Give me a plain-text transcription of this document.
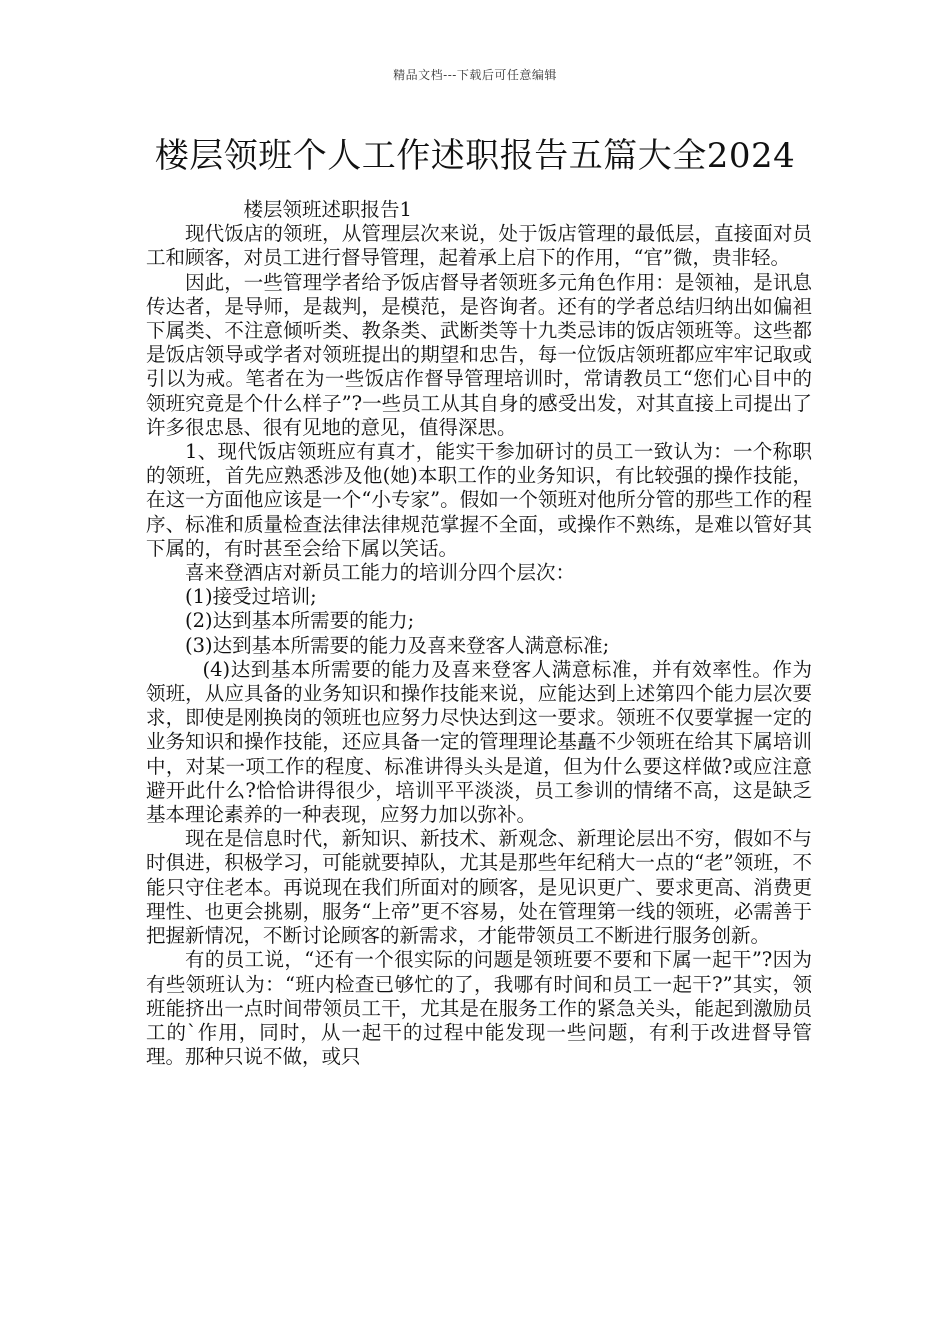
精品文档---下载后可任意编辑
楼层领班个人工作述职报告五篇大全2024

楼层领班述职报告1

现代饭店的领班，从管理层次来说，处于饭店管理的最低层，直接面对员工和顾客，对员工进行督导管理，起着承上启下的作用，“官”微，贵非轻。

因此，一些管理学者给予饭店督导者领班多元角色作用：是领袖，是讯息传达者，是导师，是裁判，是模范，是咨询者。还有的学者总结归纳出如偏袒下属类、不注意倾听类、教条类、武断类等十九类忌讳的饭店领班等。这些都是饭店领导或学者对领班提出的期望和忠告，每一位饭店领班都应牢牢记取或引以为戒。笔者在为一些饭店作督导管理培训时，常请教员工“您们心目中的领班究竟是个什么样子”?一些员工从其自身的感受出发，对其直接上司提出了许多很忠恳、很有见地的意见，值得深思。

1、现代饭店领班应有真才，能实干参加研讨的员工一致认为：一个称职的领班，首先应熟悉涉及他(她)本职工作的业务知识，有比较强的操作技能，在这一方面他应该是一个“小专家”。假如一个领班对他所分管的那些工作的程序、标准和质量检查法律法律规范掌握不全面，或操作不熟练，是难以管好其下属的，有时甚至会给下属以笑话。

喜来登酒店对新员工能力的培训分四个层次：

(1)接受过培训;

(2)达到基本所需要的能力;

(3)达到基本所需要的能力及喜来登客人满意标准;

(4)达到基本所需要的能力及喜来登客人满意标准，并有效率性。作为领班，从应具备的业务知识和操作技能来说，应能达到上述第四个能力层次要求，即使是刚换岗的领班也应努力尽快达到这一要求。领班不仅要掌握一定的业务知识和操作技能，还应具备一定的管理理论基矗不少领班在给其下属培训中，对某一项工作的程度、标准讲得头头是道，但为什么要这样做?或应注意避开此什么?恰恰讲得很少，培训平平淡淡，员工参训的情绪不高，这是缺乏基本理论素养的一种表现，应努力加以弥补。

现在是信息时代，新知识、新技术、新观念、新理论层出不穷，假如不与时俱进，积极学习，可能就要掉队，尤其是那些年纪稍大一点的“老”领班，不能只守住老本。再说现在我们所面对的顾客，是见识更广、要求更高、消费更理性、也更会挑剔，服务“上帝”更不容易，处在管理第一线的领班，必需善于把握新情况，不断讨论顾客的新需求，才能带领员工不断进行服务创新。

有的员工说，“还有一个很实际的问题是领班要不要和下属一起干”?因为有些领班认为：“班内检查已够忙的了，我哪有时间和员工一起干?”其实，领班能挤出一点时间带领员工干，尤其是在服务工作的紧急关头，能起到激励员工的`作用，同时，从一起干的过程中能发现一些问题，有利于改进督导管理。那种只说不做，或只
